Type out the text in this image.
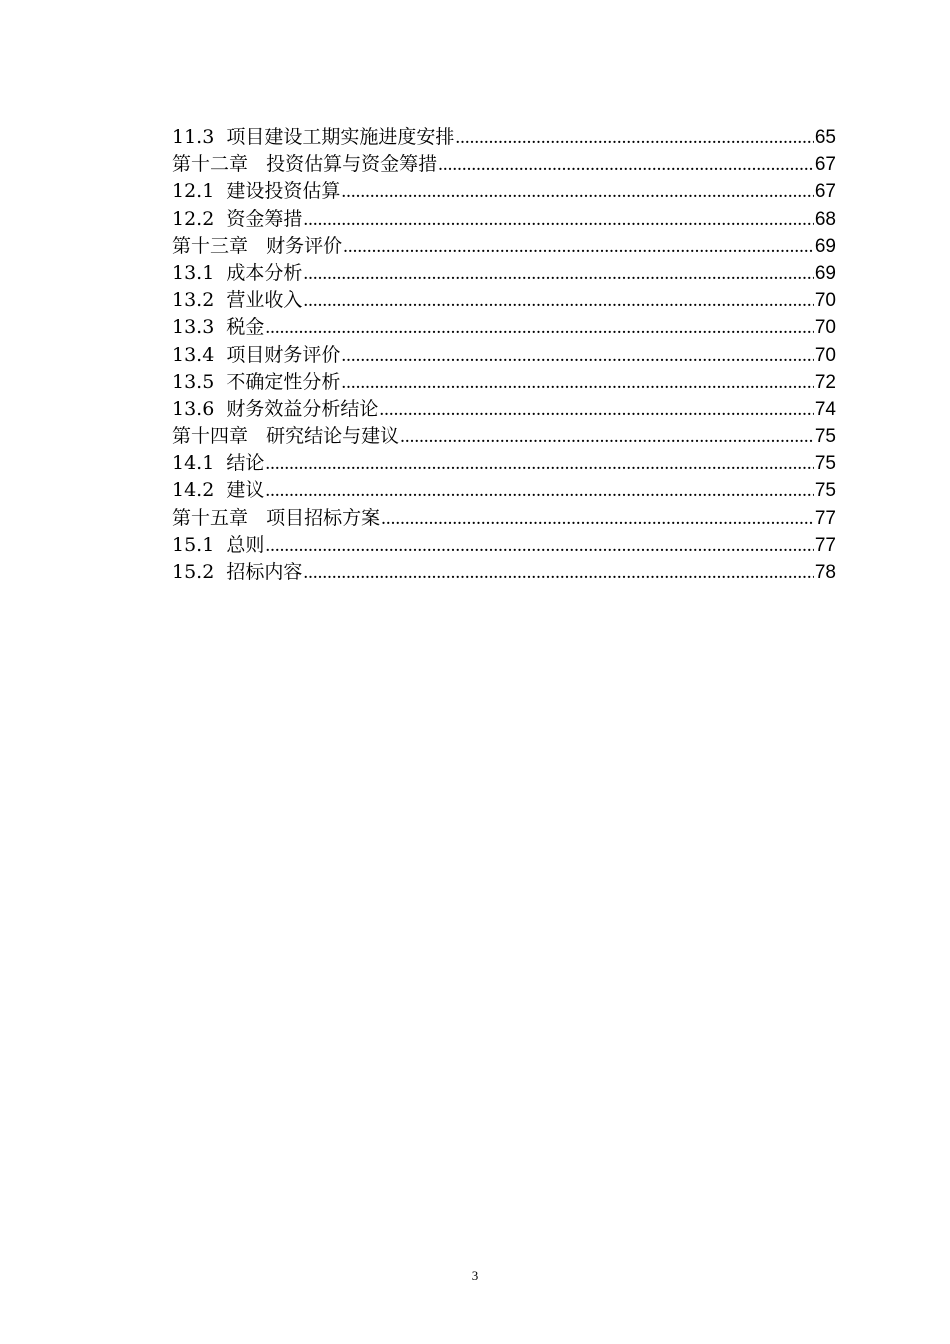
11.3  项目建设工期实施进度安排 .....	65
第十二章   投资估算与资金筹措 .....	67
12.1  建设投资估算 .....	67
12.2  资金筹措 .....	68
第十三章   财务评价 .....	69
13.1  成本分析 .....	69
13.2  营业收入 .....	70
13.3  税金 .....	70
13.4  项目财务评价 .....	70
13.5  不确定性分析 .....	72
13.6  财务效益分析结论 .....	74
第十四章   研究结论与建议 .....	75
14.1  结论 .....	75
14.2  建议 .....	75
第十五章   项目招标方案 .....	77
15.1  总则 .....	77
15.2  招标内容 .....	78
3
